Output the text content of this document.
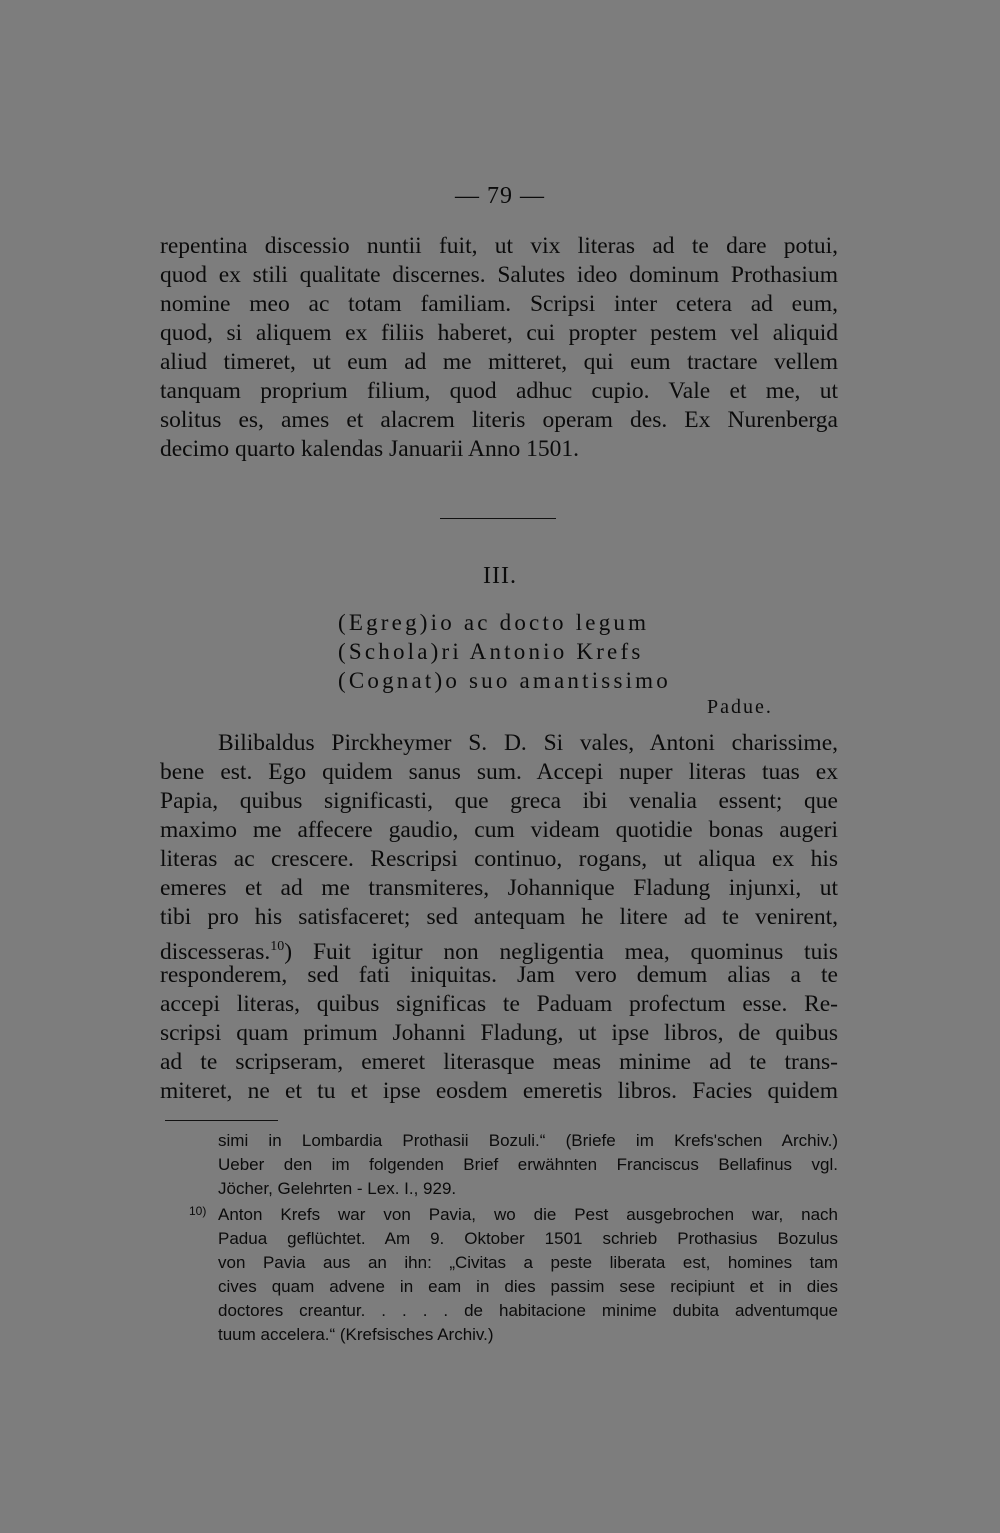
— 79 —
repentina discessio nuntii fuit, ut vix literas ad te dare potui,
quod ex stili qualitate discernes. Salutes ideo dominum Prothasium
nomine meo ac totam familiam. Scripsi inter cetera ad eum,
quod, si aliquem ex filiis haberet, cui propter pestem vel aliquid
aliud timeret, ut eum ad me mitteret, qui eum tractare vellem
tanquam proprium filium, quod adhuc cupio. Vale et me, ut
solitus es, ames et alacrem literis operam des. Ex Nurenberga
decimo quarto kalendas Januarii Anno 1501.
III.
(Egreg)io ac docto legum
(Schola)ri Antonio Krefs
(Cognat)o suo amantissimo
Padue.
Bilibaldus Pirckheymer S. D. Si vales, Antoni charissime,
bene est. Ego quidem sanus sum. Accepi nuper literas tuas ex
Papia, quibus significasti, que greca ibi venalia essent; que
maximo me affecere gaudio, cum videam quotidie bonas augeri
literas ac crescere. Rescripsi continuo, rogans, ut aliqua ex his
emeres et ad me transmiteres, Johannique Fladung injunxi, ut
tibi pro his satisfaceret; sed antequam he litere ad te venirent,
discesseras.$^{10}$) Fuit igitur non negligentia mea, quominus tuis
responderem, sed fati iniquitas. Jam vero demum alias a te
accepi literas, quibus significas te Paduam profectum esse. Re-
scripsi quam primum Johanni Fladung, ut ipse libros, de quibus
ad te scripseram, emeret literasque meas minime ad te trans-
miteret, ne et tu et ipse eosdem emeretis libros. Facies quidem
simi in Lombardia Prothasii Bozuli.“ (Briefe im Krefs'schen Archiv.)
Ueber den im folgenden Brief erwähnten Franciscus Bellafinus vgl.
Jöcher, Gelehrten - Lex. I., 929.
10) Anton Krefs war von Pavia, wo die Pest ausgebrochen war, nach
Padua geflüchtet. Am 9. Oktober 1501 schrieb Prothasius Bozulus
von Pavia aus an ihn: „Civitas a peste liberata est, homines tam
cives quam advene in eam in dies passim sese recipiunt et in dies
doctores creantur. . . . . de habitacione minime dubita adventumque
tuum accelera.“ (Krefsisches Archiv.)
